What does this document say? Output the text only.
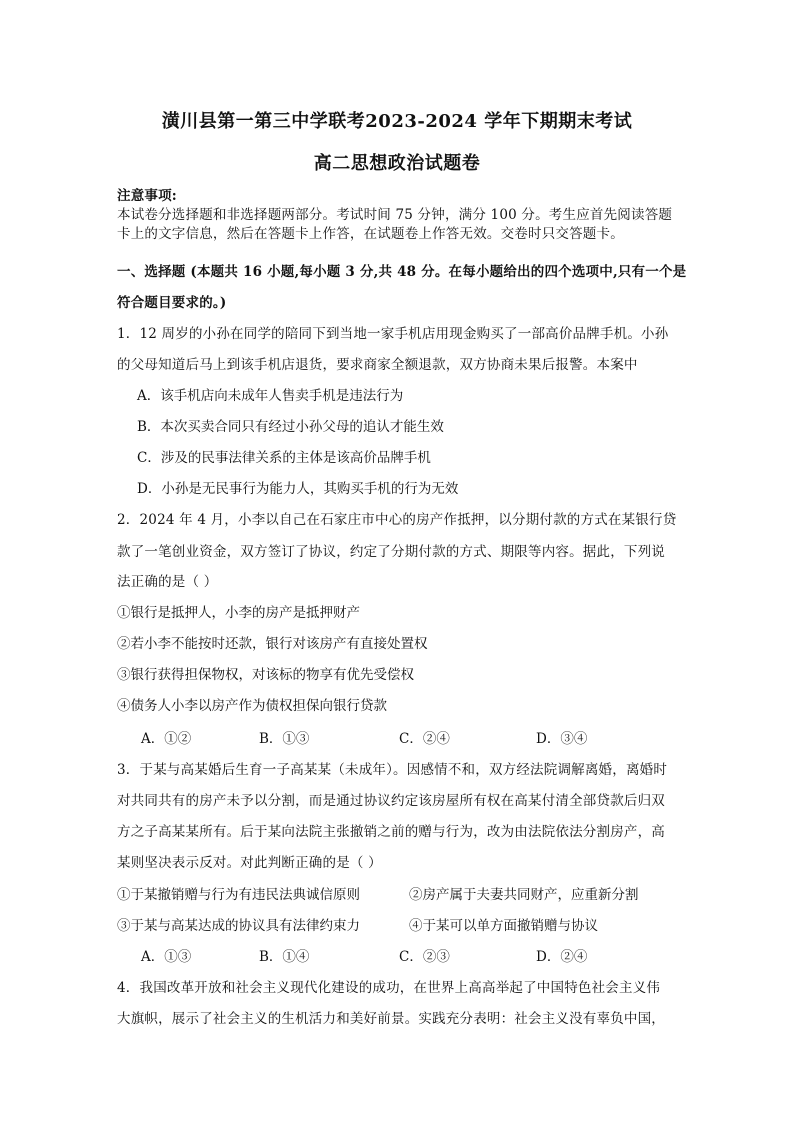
潢川县第一第三中学联考2023-2024 学年下期期末考试
高二思想政治试题卷
注意事项:
本试卷分选择题和非选择题两部分。考试时间 75 分钟，满分 100 分。考生应首先阅读答题
卡上的文字信息，然后在答题卡上作答，在试题卷上作答无效。交卷时只交答题卡。
一、选择题 (本题共 16 小题,每小题 3 分,共 48 分。在每小题给出的四个选项中,只有一个是
符合题目要求的。)
1．12 周岁的小孙在同学的陪同下到当地一家手机店用现金购买了一部高价品牌手机。小孙
的父母知道后马上到该手机店退货，要求商家全额退款，双方协商未果后报警。本案中
A．该手机店向未成年人售卖手机是违法行为
B．本次买卖合同只有经过小孙父母的追认才能生效
C．涉及的民事法律关系的主体是该高价品牌手机
D．小孙是无民事行为能力人，其购买手机的行为无效
2．2024 年 4 月，小李以自己在石家庄市中心的房产作抵押，以分期付款的方式在某银行贷
款了一笔创业资金，双方签订了协议，约定了分期付款的方式、期限等内容。据此，下列说
法正确的是（ ）
①银行是抵押人，小李的房产是抵押财产
②若小李不能按时还款，银行对该房产有直接处置权
③银行获得担保物权，对该标的物享有优先受偿权
④债务人小李以房产作为债权担保向银行贷款
A．①②	B．①③	C．②④	D．③④
3．于某与高某婚后生育一子高某某（未成年）。因感情不和，双方经法院调解离婚，离婚时
对共同共有的房产未予以分割，而是通过协议约定该房屋所有权在高某付清全部贷款后归双
方之子高某某所有。后于某向法院主张撤销之前的赠与行为，改为由法院依法分割房产，高
某则坚决表示反对。对此判断正确的是（ ）
①于某撤销赠与行为有违民法典诚信原则	②房产属于夫妻共同财产，应重新分割
③于某与高某达成的协议具有法律约束力	④于某可以单方面撤销赠与协议
A．①③	B．①④	C．②③	D．②④
4．我国改革开放和社会主义现代化建设的成功，在世界上高高举起了中国特色社会主义伟
大旗帜，展示了社会主义的生机活力和美好前景。实践充分表明：社会主义没有辜负中国，
